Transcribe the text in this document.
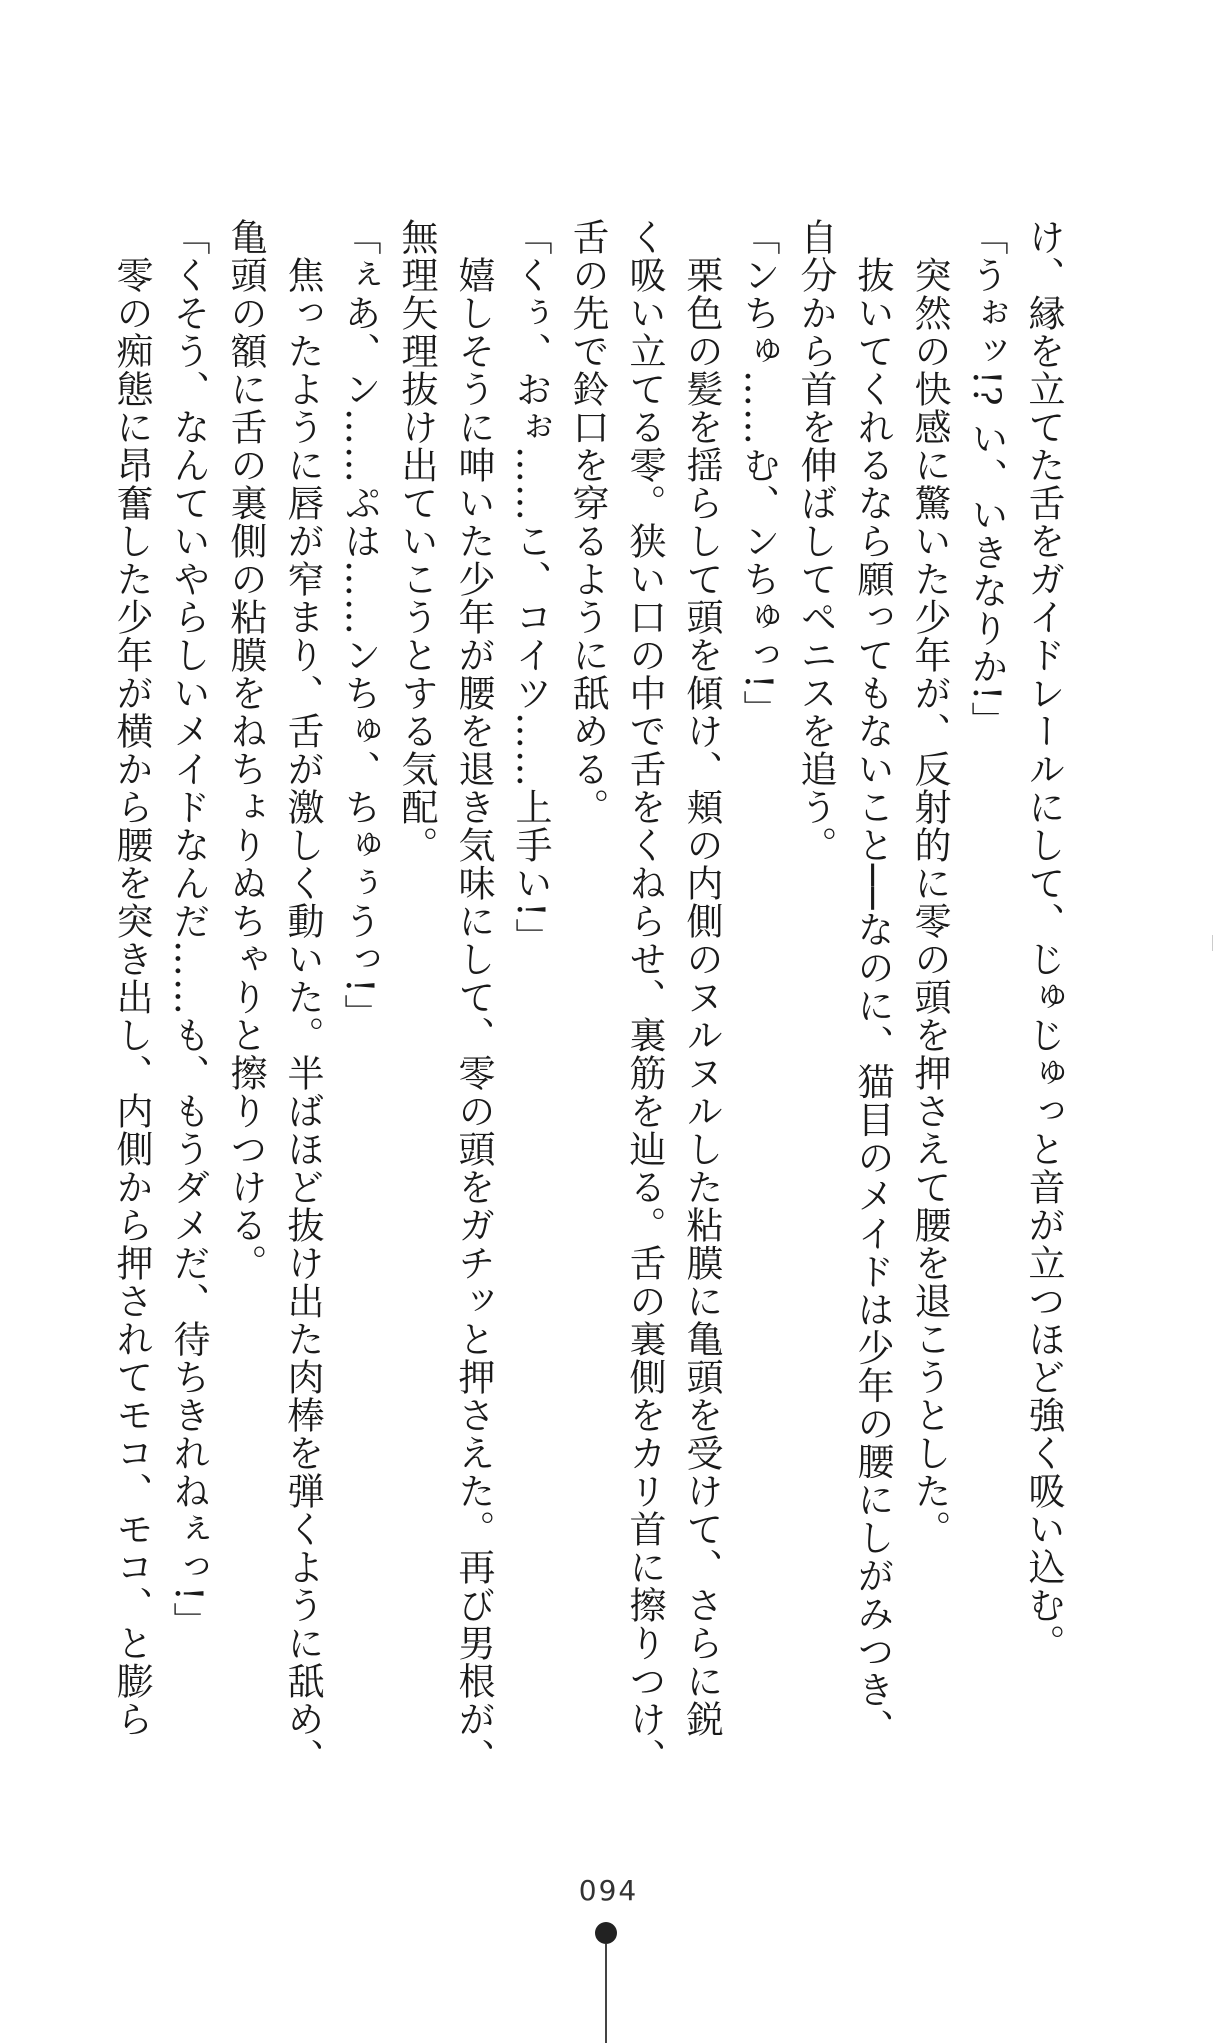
け、縁を立てた舌をガイドレールにして、じゅじゅっと音が立つほど強く吸い込む。
「うぉッ!? い、いきなりか!」
　突然の快感に驚いた少年が、反射的に零の頭を押さえて腰を退こうとした。
　抜いてくれるなら願ってもないこと──なのに、猫目のメイドは少年の腰にしがみつき、
自分から首を伸ばしてペニスを追う。
「ンちゅ……む、ンちゅっ!」
　栗色の髪を揺らして頭を傾け、頬の内側のヌルヌルした粘膜に亀頭を受けて、さらに鋭
く吸い立てる零。狭い口の中で舌をくねらせ、裏筋を辿る。舌の裏側をカリ首に擦りつけ、
舌の先で鈴口を穿るように舐める。
「くぅ、おぉ……こ、コイツ……上手い!」
　嬉しそうに呻いた少年が腰を退き気味にして、零の頭をガチッと押さえた。再び男根が、
無理矢理抜け出ていこうとする気配。
「ぇあ、ン……ぷは……ンちゅ、ちゅぅうっ!」
　焦ったように唇が窄まり、舌が激しく動いた。半ばほど抜け出た肉棒を弾くように舐め、
亀頭の額に舌の裏側の粘膜をねちょりぬちゃりと擦りつける。
「くそう、なんていやらしいメイドなんだ……も、もうダメだ、待ちきれねぇっ!」
　零の痴態に昂奮した少年が横から腰を突き出し、内側から押されてモコ、モコ、と膨ら
094
